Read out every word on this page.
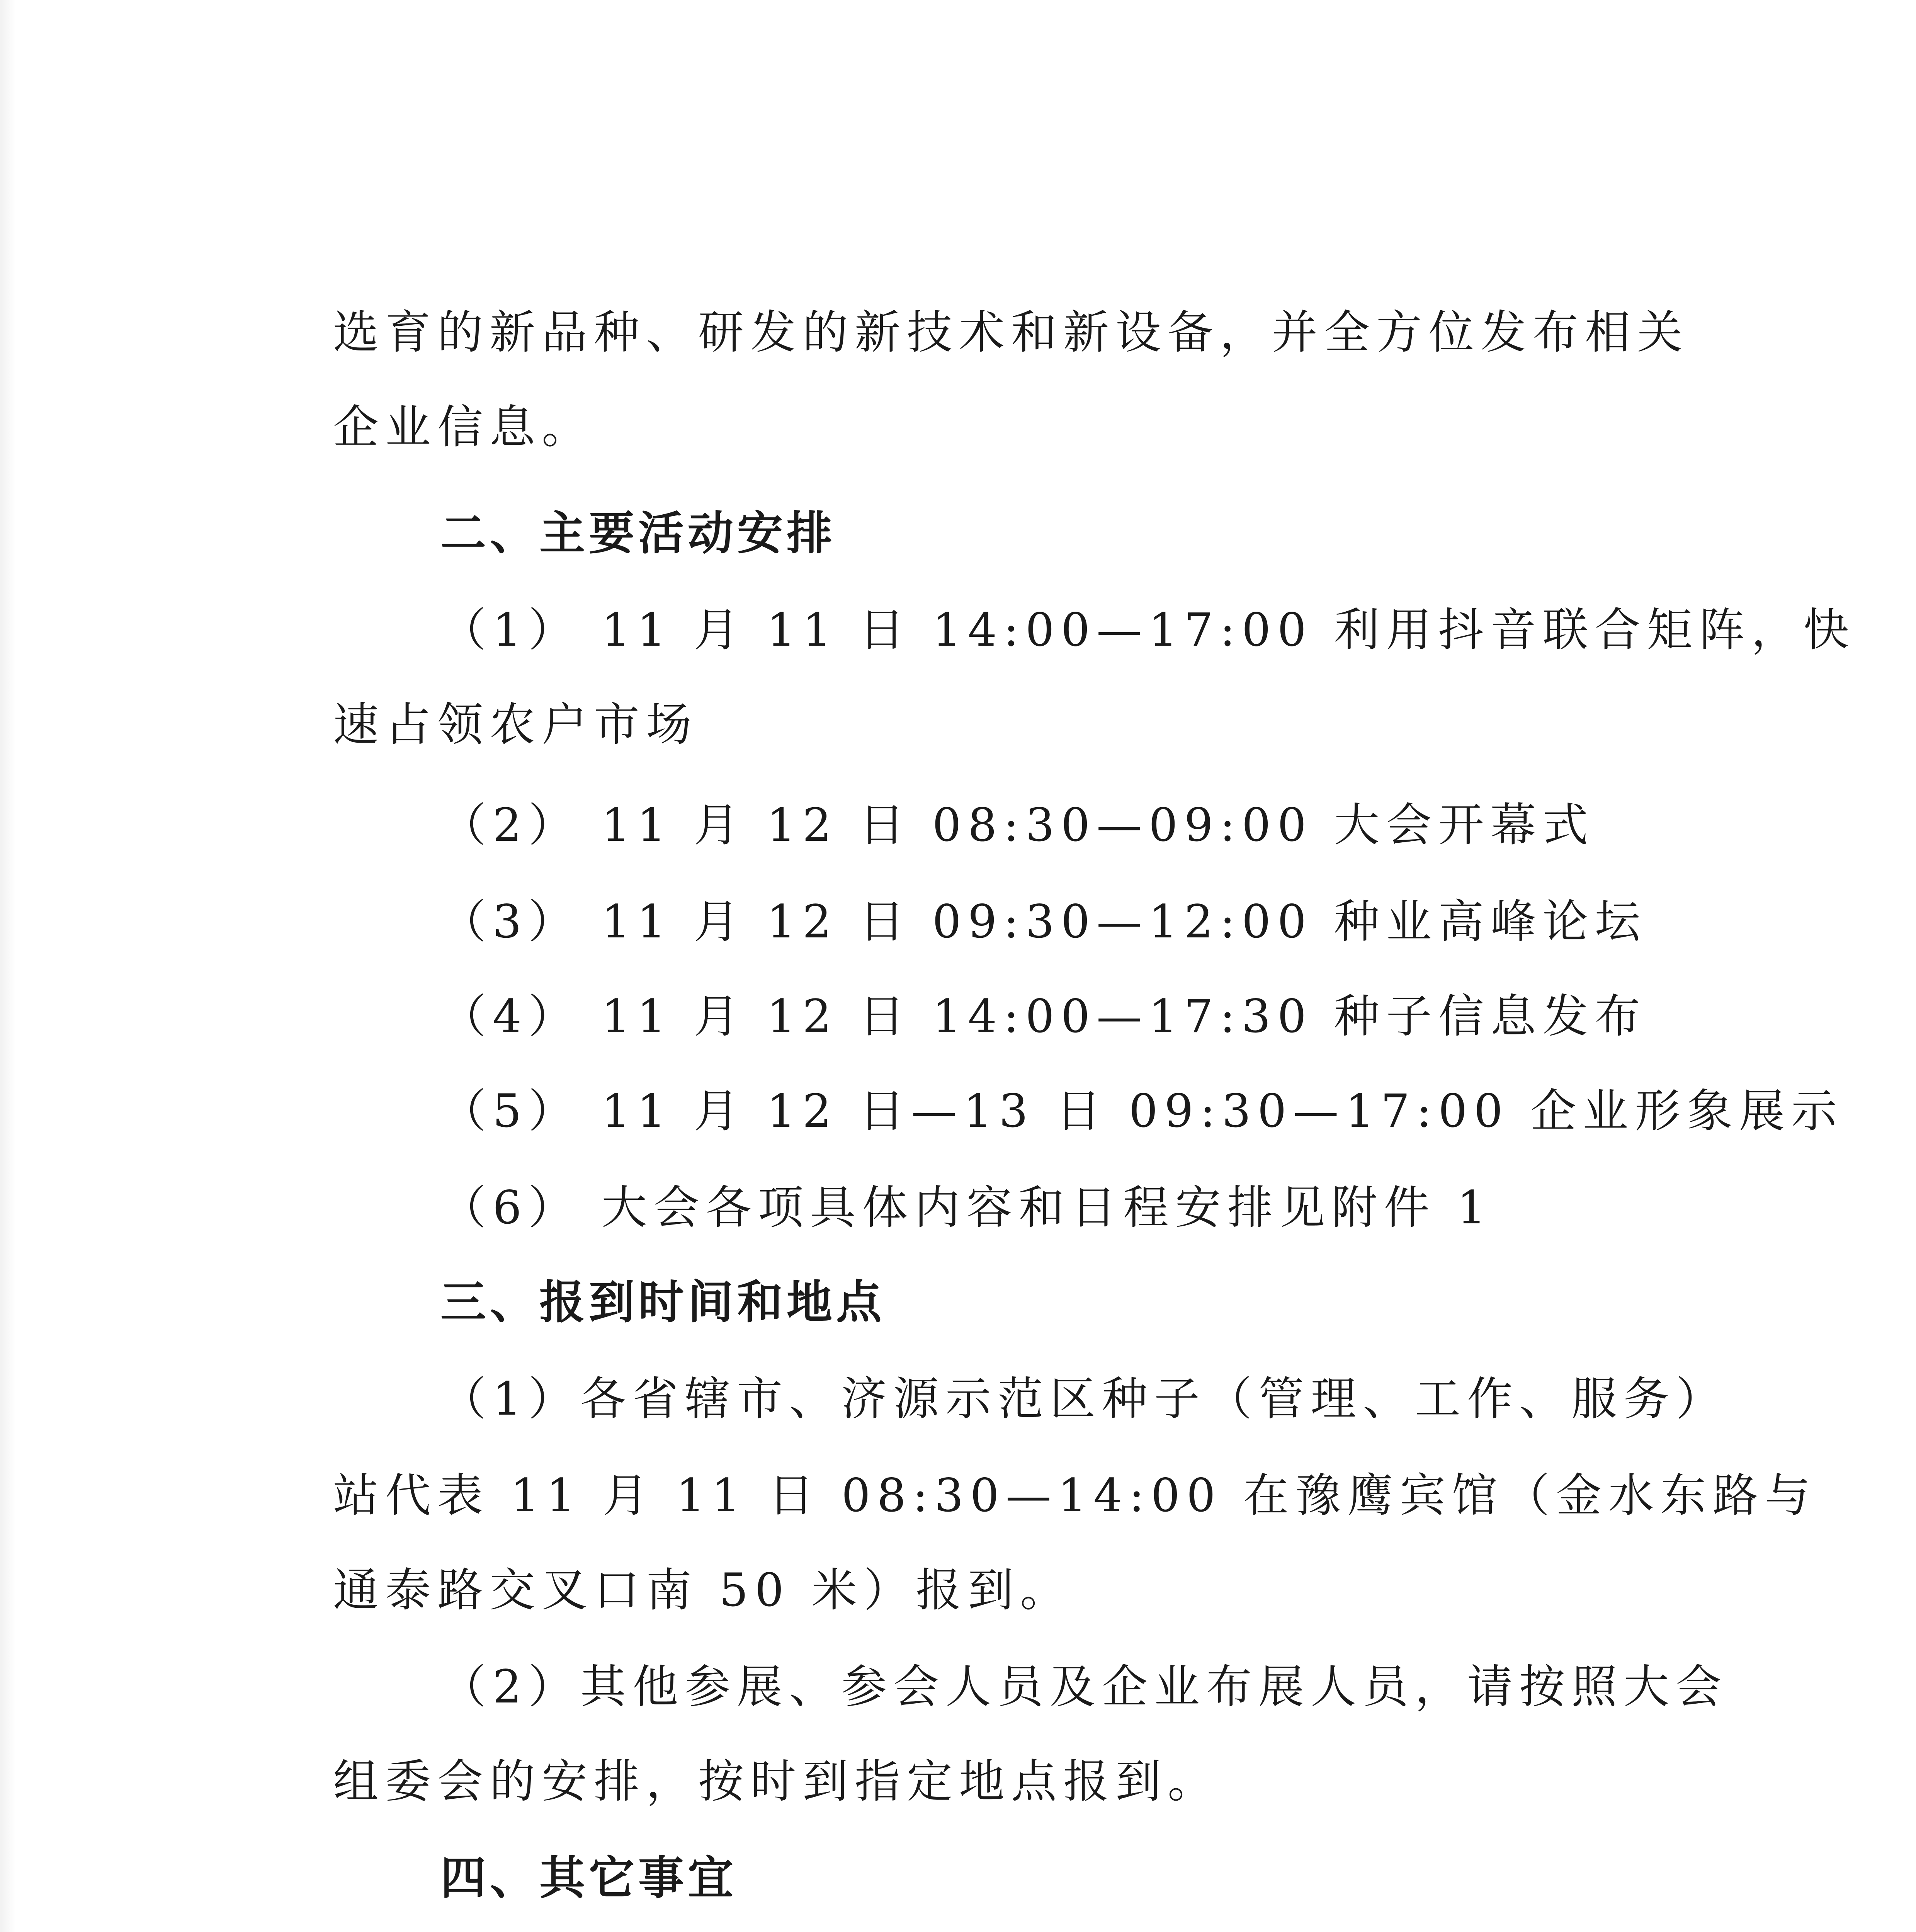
选育的新品种、研发的新技术和新设备，并全方位发布相关
企业信息。
二、主要活动安排
（1） 11 月 11 日 14:00—17:00 利用抖音联合矩阵，快
速占领农户市场
（2） 11 月 12 日 08:30—09:00 大会开幕式
（3） 11 月 12 日 09:30—12:00 种业高峰论坛
（4） 11 月 12 日 14:00—17:30 种子信息发布
（5） 11 月 12 日—13 日 09:30—17:00 企业形象展示
（6） 大会各项具体内容和日程安排见附件 1
三、报到时间和地点
（1）各省辖市、济源示范区种子（管理、工作、服务）
站代表 11 月 11 日 08:30—14:00 在豫鹰宾馆（金水东路与
通泰路交叉口南 50 米）报到。
（2）其他参展、参会人员及企业布展人员，请按照大会
组委会的安排，按时到指定地点报到。
四、其它事宜
